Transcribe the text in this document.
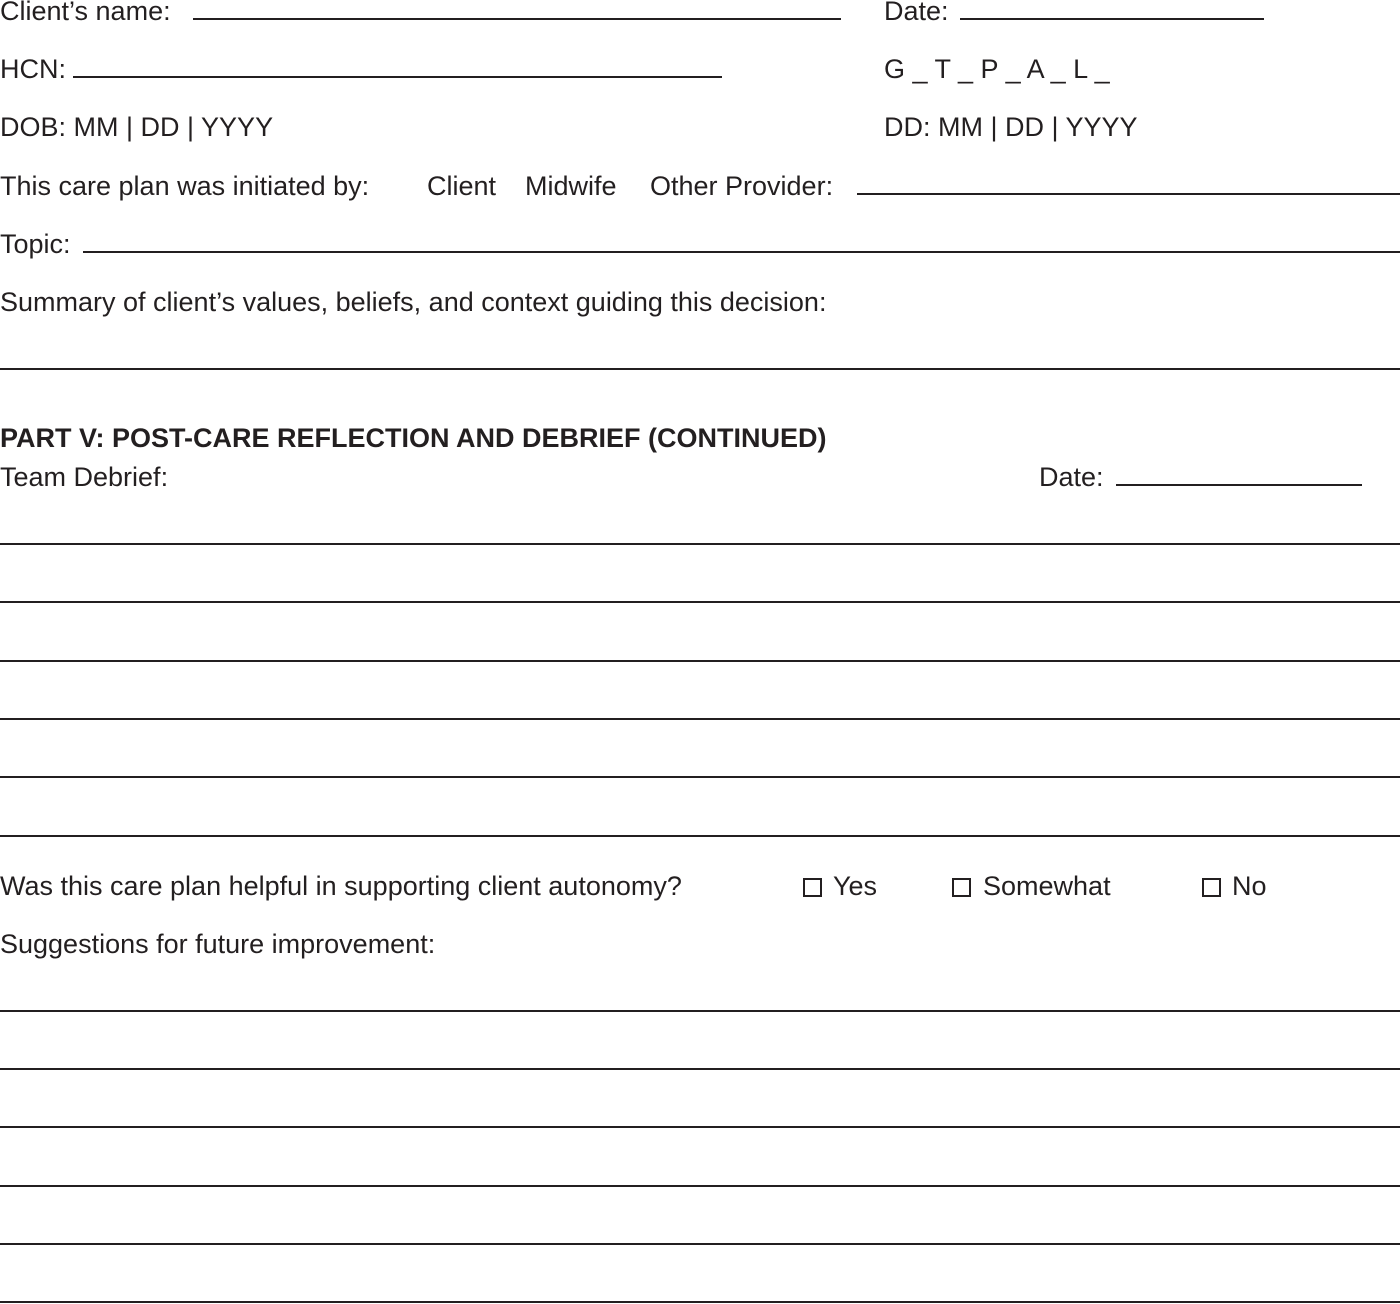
Client’s name:	Date:
HCN:	G _ T _ P _ A _ L _
DOB: MM | DD | YYYY	DD: MM | DD | YYYY
This care plan was initiated by: Client Midwife Other Provider:
Topic:
Summary of client’s values, beliefs, and context guiding this decision:
PART V: POST-CARE REFLECTION AND DEBRIEF (CONTINUED)
Team Debrief:	Date:
Was this care plan helpful in supporting client autonomy?	Yes	Somewhat	No
Suggestions for future improvement:
